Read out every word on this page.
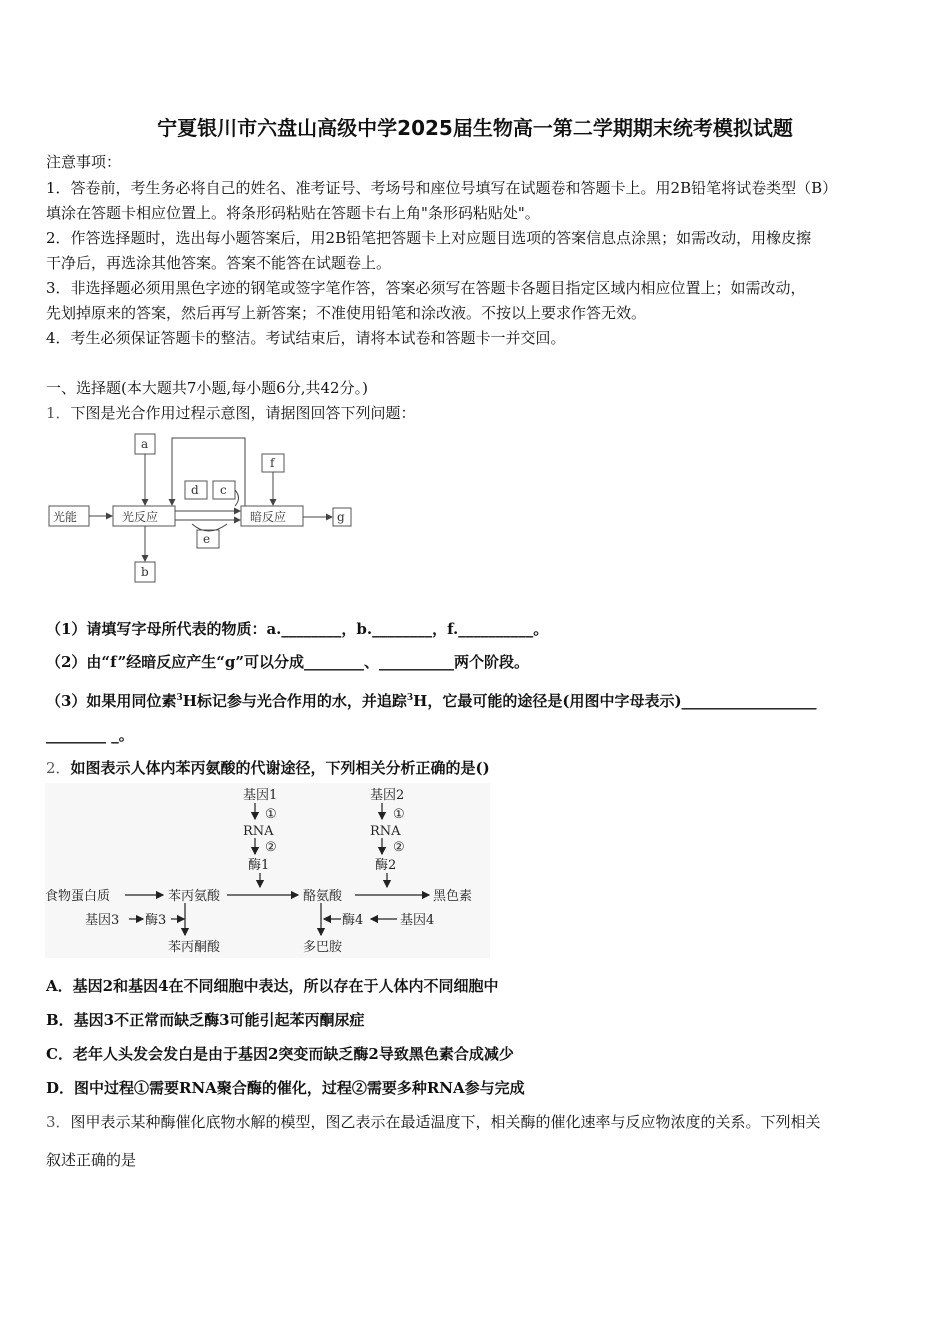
宁夏银川市六盘山高级中学2025届生物高一第二学期期末统考模拟试题
注意事项：
1．答卷前，考生务必将自己的姓名、准考证号、考场号和座位号填写在试题卷和答题卡上。用2B铅笔将试卷类型（B）
填涂在答题卡相应位置上。将条形码粘贴在答题卡右上角"条形码粘贴处"。
2．作答选择题时，选出每小题答案后，用2B铅笔把答题卡上对应题目选项的答案信息点涂黑；如需改动，用橡皮擦
干净后，再选涂其他答案。答案不能答在试题卷上。
3．非选择题必须用黑色字迹的钢笔或签字笔作答，答案必须写在答题卡各题目指定区域内相应位置上；如需改动，
先划掉原来的答案，然后再写上新答案；不准使用铅笔和涂改液。不按以上要求作答无效。
4．考生必须保证答题卡的整洁。考试结束后，请将本试卷和答题卡一并交回。
一、选择题(本大题共7小题,每小题6分,共42分。)
1．下图是光合作用过程示意图，请据图回答下列问题：
光能	光反应	暗反应
a
b
c
d
e
f
g
（1）请填写字母所代表的物质：a.________，b.________，f.__________。
（2）由“f”经暗反应产生“g”可以分成________、__________两个阶段。
（3）如果用同位素$^3$H标记参与光合作用的水，并追踪$^3$H，它最可能的途径是(用图中字母表示)__________________
________ _。
2．如图表示人体内苯丙氨酸的代谢途径，下列相关分析正确的是()
基因1	基因2
①	①
RNA	RNA
②	②
酶1	酶2
食物蛋白质	苯丙氨酸	酪氨酸	黑色素
基因3 酶3
苯丙酮酸
酶4	基因4
多巴胺
A．基因2和基因4在不同细胞中表达，所以存在于人体内不同细胞中
B．基因3不正常而缺乏酶3可能引起苯丙酮尿症
C．老年人头发会发白是由于基因2突变而缺乏酶2导致黑色素合成减少
D．图中过程①需要RNA聚合酶的催化，过程②需要多种RNA参与完成
3．图甲表示某种酶催化底物水解的模型，图乙表示在最适温度下，相关酶的催化速率与反应物浓度的关系。下列相关
叙述正确的是
